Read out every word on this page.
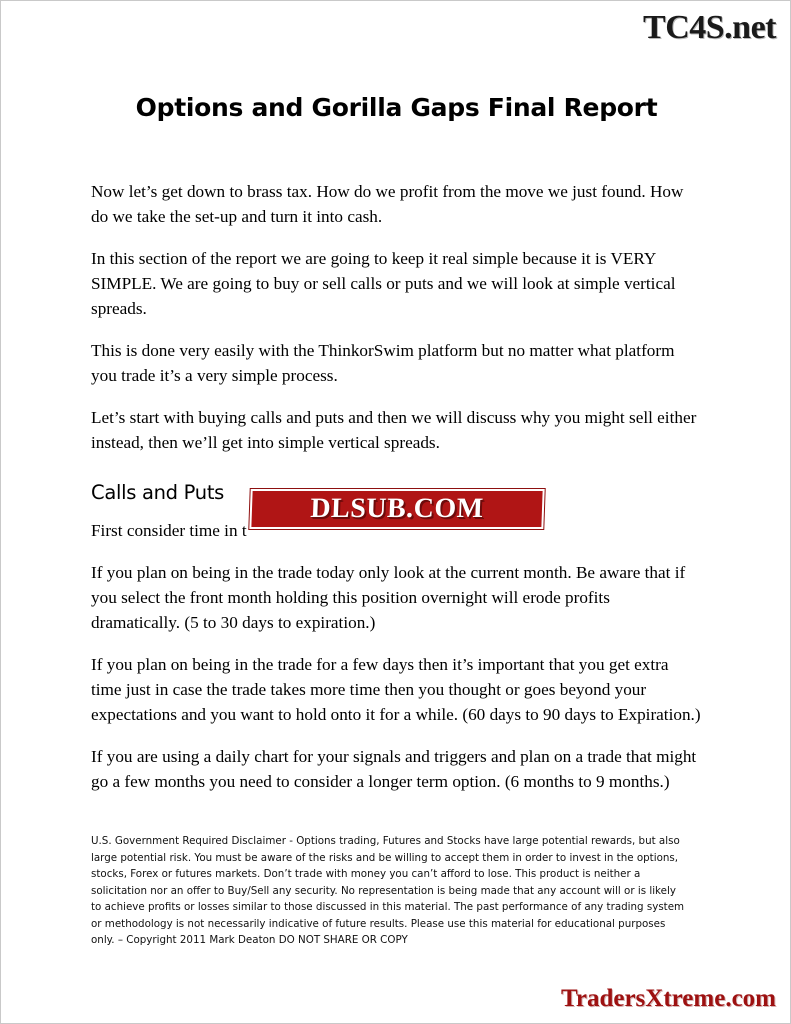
TC4S.net
Options and Gorilla Gaps Final Report

Now let’s get down to brass tax. How do we profit from the move we just found. How do we take the set-up and turn it into cash.

In this section of the report we are going to keep it real simple because it is VERY SIMPLE. We are going to buy or sell calls or puts and we will look at simple vertical spreads.

This is done very easily with the ThinkorSwim platform but no matter what platform you trade it’s a very simple process.

Let’s start with buying calls and puts and then we will discuss why you might sell either instead, then we’ll get into simple vertical spreads.

Calls and Puts

First consider time in t

If you plan on being in the trade today only look at the current month. Be aware that if you select the front month holding this position overnight will erode profits dramatically. (5 to 30 days to expiration.)

If you plan on being in the trade for a few days then it’s important that you get extra time just in case the trade takes more time then you thought or goes beyond your expectations and you want to hold onto it for a while. (60 days to 90 days to Expiration.)

If you are using a daily chart for your signals and triggers and plan on a trade that might go a few months you need to consider a longer term option. (6 months to 9 months.)

DLSUB.COM
U.S. Government Required Disclaimer - Options trading, Futures and Stocks have large potential rewards, but also large potential risk. You must be aware of the risks and be willing to accept them in order to invest in the options, stocks, Forex or futures markets. Don’t trade with money you can’t afford to lose. This product is neither a solicitation nor an offer to Buy/Sell any security. No representation is being made that any account will or is likely to achieve profits or losses similar to those discussed in this material. The past performance of any trading system or methodology is not necessarily indicative of future results. Please use this material for educational purposes only. – Copyright 2011 Mark Deaton DO NOT SHARE OR COPY
TradersXtreme.com
